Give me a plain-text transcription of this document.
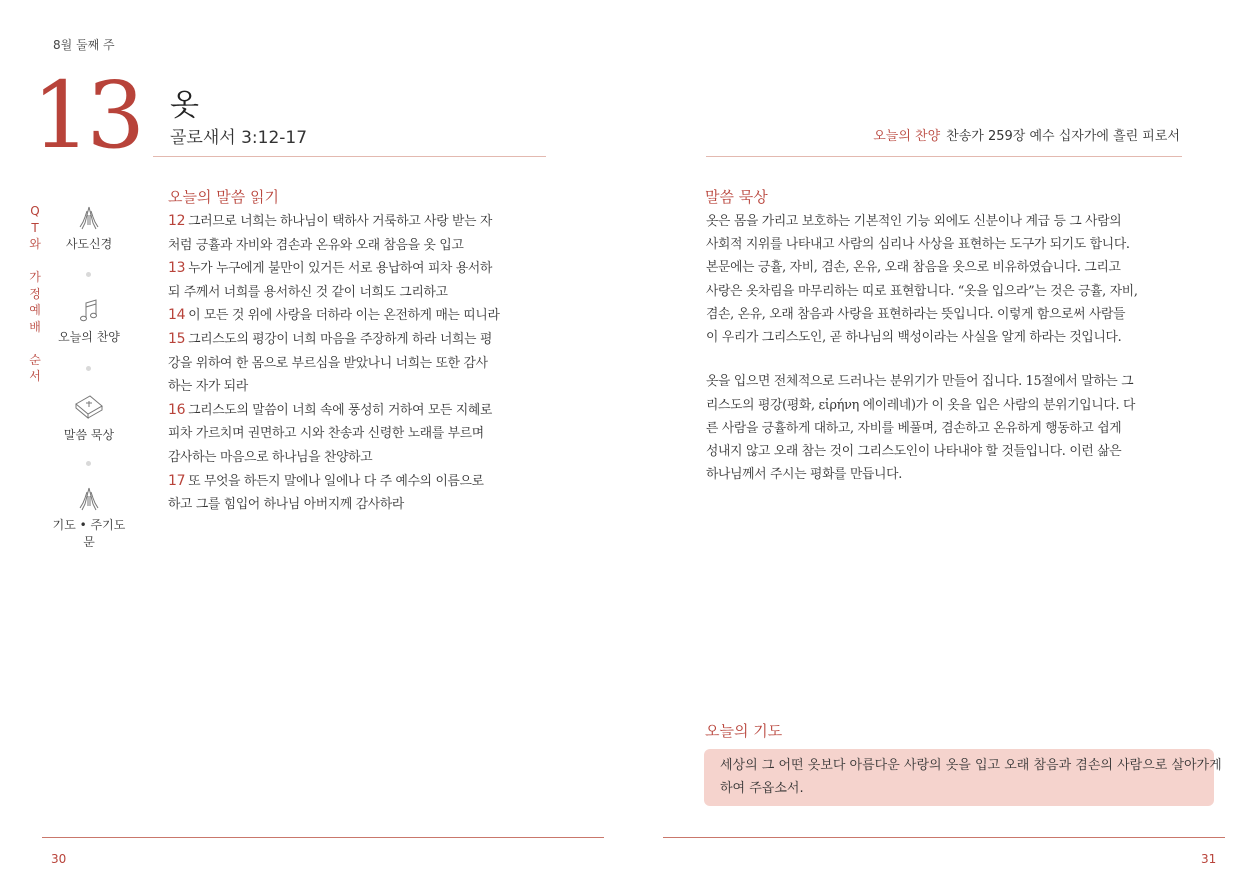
8월 둘째 주
13 옷
골로새서 3:12-17	오늘의 찬양 찬송가 259장 예수 십자가에 흘린 피로서
Q
T
와
가
정
예
배
순
서
사도신경
오늘의 찬양
말씀 묵상
기도 • 주기도문
오늘의 말씀 읽기

12 그러므로 너희는 하나님이 택하사 거룩하고 사랑 받는 자

처럼 긍휼과 자비와 겸손과 온유와 오래 참음을 옷 입고

13 누가 누구에게 불만이 있거든 서로 용납하여 피차 용서하

되 주께서 너희를 용서하신 것 같이 너희도 그리하고

14 이 모든 것 위에 사랑을 더하라 이는 온전하게 매는 띠니라

15 그리스도의 평강이 너희 마음을 주장하게 하라 너희는 평

강을 위하여 한 몸으로 부르심을 받았나니 너희는 또한 감사

하는 자가 되라

16 그리스도의 말씀이 너희 속에 풍성히 거하여 모든 지혜로

피차 가르치며 권면하고 시와 찬송과 신령한 노래를 부르며

감사하는 마음으로 하나님을 찬양하고

17 또 무엇을 하든지 말에나 일에나 다 주 예수의 이름으로

하고 그를 힘입어 하나님 아버지께 감사하라

말씀 묵상

옷은 몸을 가리고 보호하는 기본적인 기능 외에도 신분이나 계급 등 그 사람의

사회적 지위를 나타내고 사람의 심리나 사상을 표현하는 도구가 되기도 합니다.

본문에는 긍휼, 자비, 겸손, 온유, 오래 참음을 옷으로 비유하였습니다. 그리고

사랑은 옷차림을 마무리하는 띠로 표현합니다. “옷을 입으라”는 것은 긍휼, 자비,

겸손, 온유, 오래 참음과 사랑을 표현하라는 뜻입니다. 이렇게 함으로써 사람들

이 우리가 그리스도인, 곧 하나님의 백성이라는 사실을 알게 하라는 것입니다.

옷을 입으면 전체적으로 드러나는 분위기가 만들어 집니다. 15절에서 말하는 그

리스도의 평강(평화, εἰρήνη 에이레네)가 이 옷을 입은 사람의 분위기입니다. 다

른 사람을 긍휼하게 대하고, 자비를 베풀며, 겸손하고 온유하게 행동하고 쉽게

성내지 않고 오래 참는 것이 그리스도인이 나타내야 할 것들입니다. 이런 삶은

하나님께서 주시는 평화를 만듭니다.

오늘의 기도

세상의 그 어떤 옷보다 아름다운 사랑의 옷을 입고 오래 참음과 겸손의 사람으로 살아가게

하여 주옵소서.

30	31
